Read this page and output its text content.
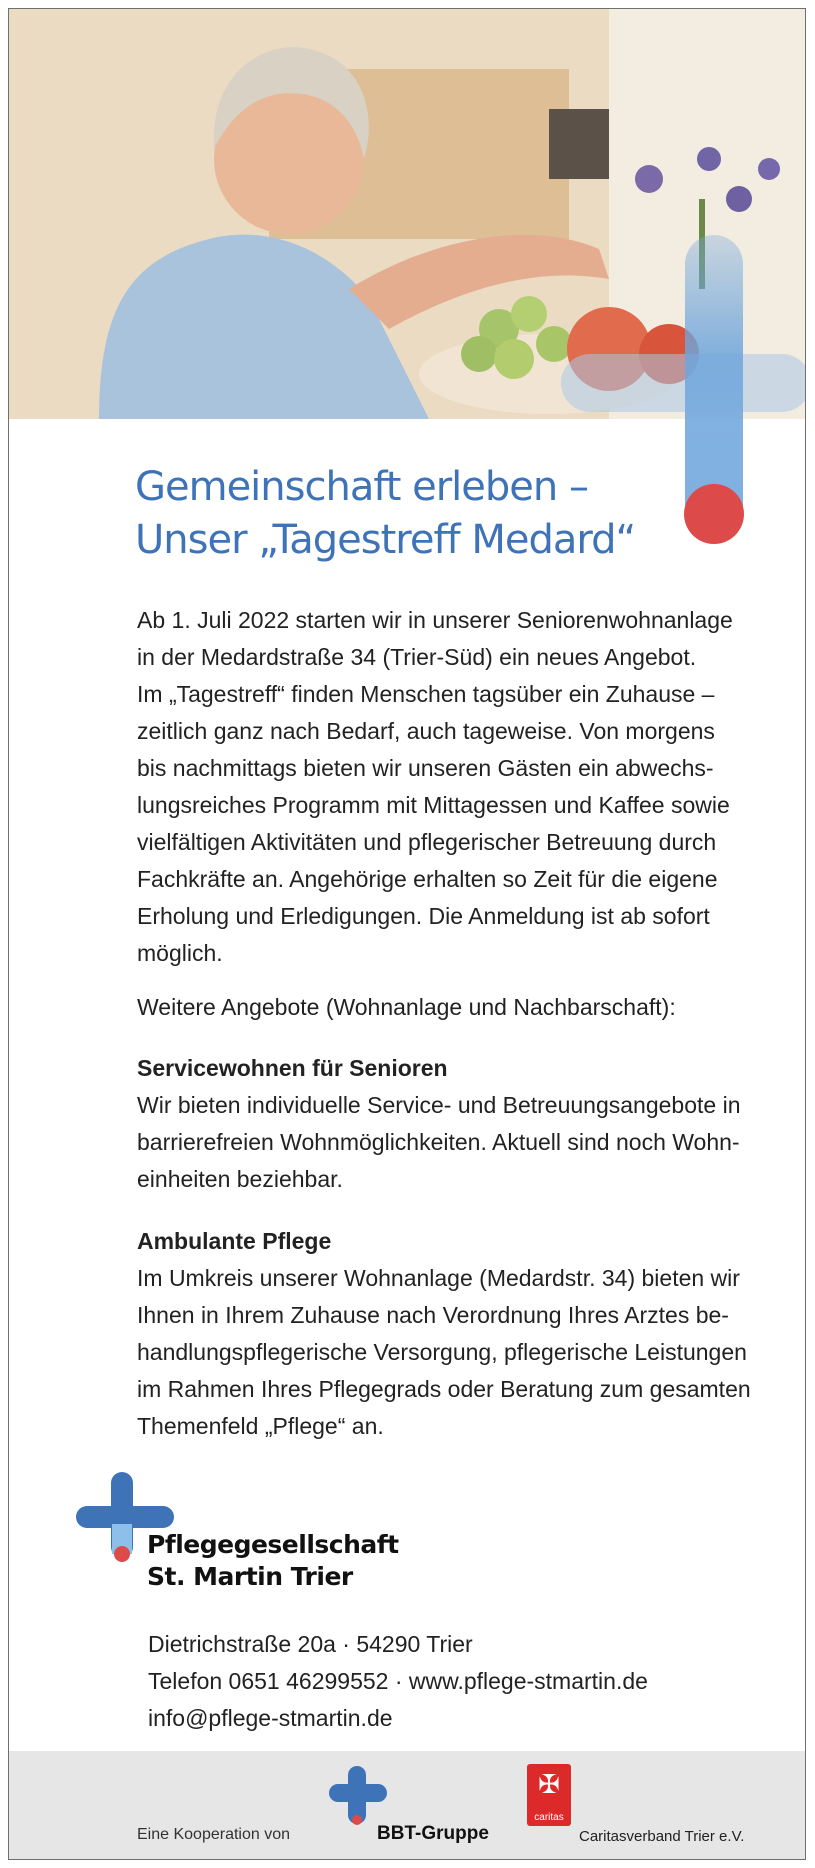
Gemeinschaft erleben –
Unser „Tagestreff Medard“

Ab 1. Juli 2022 starten wir in unserer Seniorenwohnanlage
in der Medardstraße 34 (Trier-Süd) ein neues Angebot.
Im „Tagestreff“ finden Menschen tagsüber ein Zuhause –
zeitlich ganz nach Bedarf, auch tageweise. Von morgens
bis nachmittags bieten wir unseren Gästen ein abwechs-
lungsreiches Programm mit Mittagessen und Kaffee sowie
vielfältigen Aktivitäten und pflegerischer Betreuung durch
Fachkräfte an. Angehörige erhalten so Zeit für die eigene
Erholung und Erledigungen. Die Anmeldung ist ab sofort
möglich.

Weitere Angebote (Wohnanlage und Nachbarschaft):

Servicewohnen für Senioren
Wir bieten individuelle Service- und Betreuungsangebote in
barrierefreien Wohnmöglichkeiten. Aktuell sind noch Wohn-
einheiten beziehbar.

Ambulante Pflege
Im Umkreis unserer Wohnanlage (Medardstr. 34) bieten wir
Ihnen in Ihrem Zuhause nach Verordnung Ihres Arztes be-
handlungspflegerische Versorgung, pflegerische Leistungen
im Rahmen Ihres Pflegegrads oder Beratung zum gesamten
Themenfeld „Pflege“ an.

Pflegegesellschaft
St. Martin Trier
Dietrichstraße 20a · 54290 Trier
Telefon 0651 46299552 · www.pflege-stmartin.de
info@pflege-stmartin.de
Eine Kooperation von	BBT-Gruppe
✠
caritas
Caritasverband Trier e.V.
